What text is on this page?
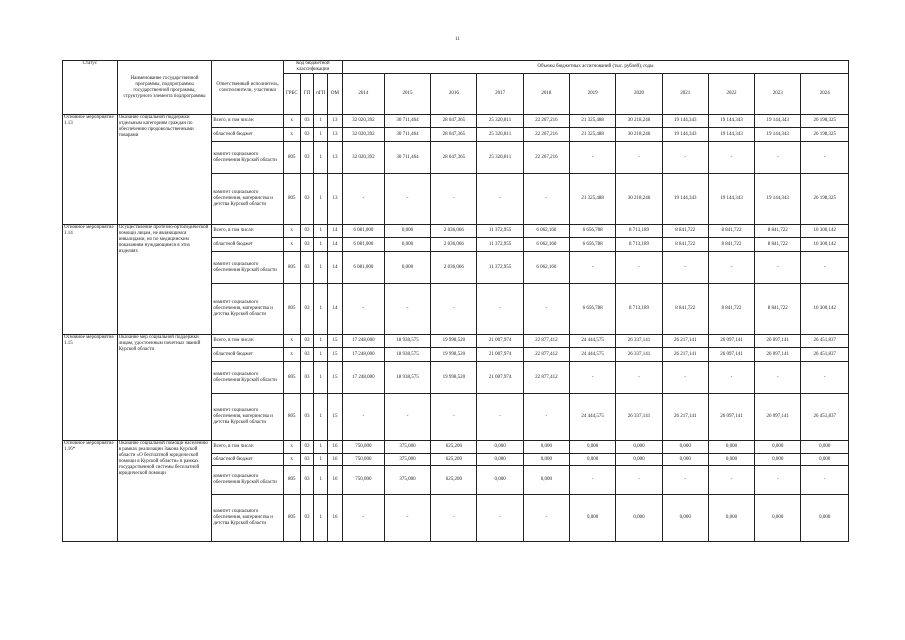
11
Статус	Наименование государственной программы, подпрограммы государственной программы, структурного элемента подпрограммы	Ответственный исполнитель, соисполнители, участники	Код бюджетной классификации				Объемы бюджетных ассигнований (тыс. рублей), годы										
			ГРБС	ГП	пГП	ОМ	2014	2015	2016	2017	2018	2019	2020	2021	2022	2023	2024
Основное мероприятие 1.13	Оказание социальной поддержки отдельным категориям граждан по обеспечению продовольственными товарами	Всего, в том числе:	х	03	1	13	32 020,392	30 711,464	28 047,365	25 320,811	22 267,216	21 325,488	30 218,246	19 144,343	19 144,343	19 144,343	26 198,325
		областной бюджет	х	03	1	13	32 020,392	30 711,464	28 047,365	25 320,811	22 267,216	21 325,488	30 218,246	19 144,343	19 144,343	19 144,343	26 198,325
		комитет социального обеспечения Курской области	805	03	1	13	32 020,392	30 711,464	28 047,365	25 320,811	22 267,216	-	-	-	-	-	-
		комитет социального обеспечения, материнства и детства Курской области	805	03	1	13	-	-	-	-	-	21 325,488	30 218,246	19 144,343	19 144,343	19 144,343	26 198,325
Основное мероприятие 1.14	Осуществление протезно-ортопедической помощи лицам, не являющимся инвалидами, но по медицинским показаниям нуждающимся в этих изделиях	Всего, в том числе:	х	03	1	14	6 081,000	0,000	2 036,066	11 372,955	6 062,160	6 656,788	8 713,189	8 841,722	8 841,722	8 841,722	10 300,142
		областной бюджет	х	03	1	14	6 081,000	0,000	2 036,066	11 372,955	6 062,160	6 656,788	8 713,189	8 841,722	8 841,722	8 841,722	10 300,142
		комитет социального обеспечения Курской области	805	03	1	14	6 081,000	0,000	2 036,066	11 372,955	6 062,160	-	-	-	-	-	-
		комитет социального обеспечения, материнства и детства Курской области	805	03	1	14	-	-	-	-	-	6 656,788	8 713,189	8 841,722	8 841,722	8 841,722	10 300,142
Основное мероприятие 1.15	Оказание мер социальной поддержки лицам, удостоенным почетных званий Курской области	Всего, в том числе:	х	03	1	15	17 248,000	18 938,575	19 998,520	21 007,974	22 877,412	24 444,575	26 337,141	26 217,141	26 097,141	26 097,141	26 451,837
		областной бюджет	х	03	1	15	17 248,000	18 938,575	19 998,520	21 007,974	22 877,412	24 444,575	26 337,141	26 217,141	26 097,141	26 097,141	26 451,837
		комитет социального обеспечения Курской области	805	03	1	15	17 248,000	18 938,575	19 998,520	21 007,974	22 877,412	-	-	-	-	-	-
		комитет социального обеспечения, материнства и детства Курской области	805	03	1	15	-	-	-	-	-	24 444,575	26 337,141	26 217,141	26 097,141	26 097,141	26 451,837
Основное мероприятие 1.16*	Оказание социальной помощи населению в рамках реализации Закона Курской области «О бесплатной юридической помощи в Курской области» в рамках государственной системы бесплатной юридической помощи	Всего, в том числе:	х	03	1	16	750,000	375,000	625,200	0,000	0,000	0,000	0,000	0,000	0,000	0,000	0,000
		областной бюджет	х	03	1	16	750,000	375,000	625,200	0,000	0,000	0,000	0,000	0,000	0,000	0,000	0,000
		комитет социального обеспечения Курской области	805	03	1	16	750,000	375,000	625,200	0,000	0,000	-	-	-	-	-	-
		комитет социального обеспечения, материнства и детства Курской области	805	03	1	16	-	-	-	-	-	0,000	0,000	0,000	0,000	0,000	0,000
